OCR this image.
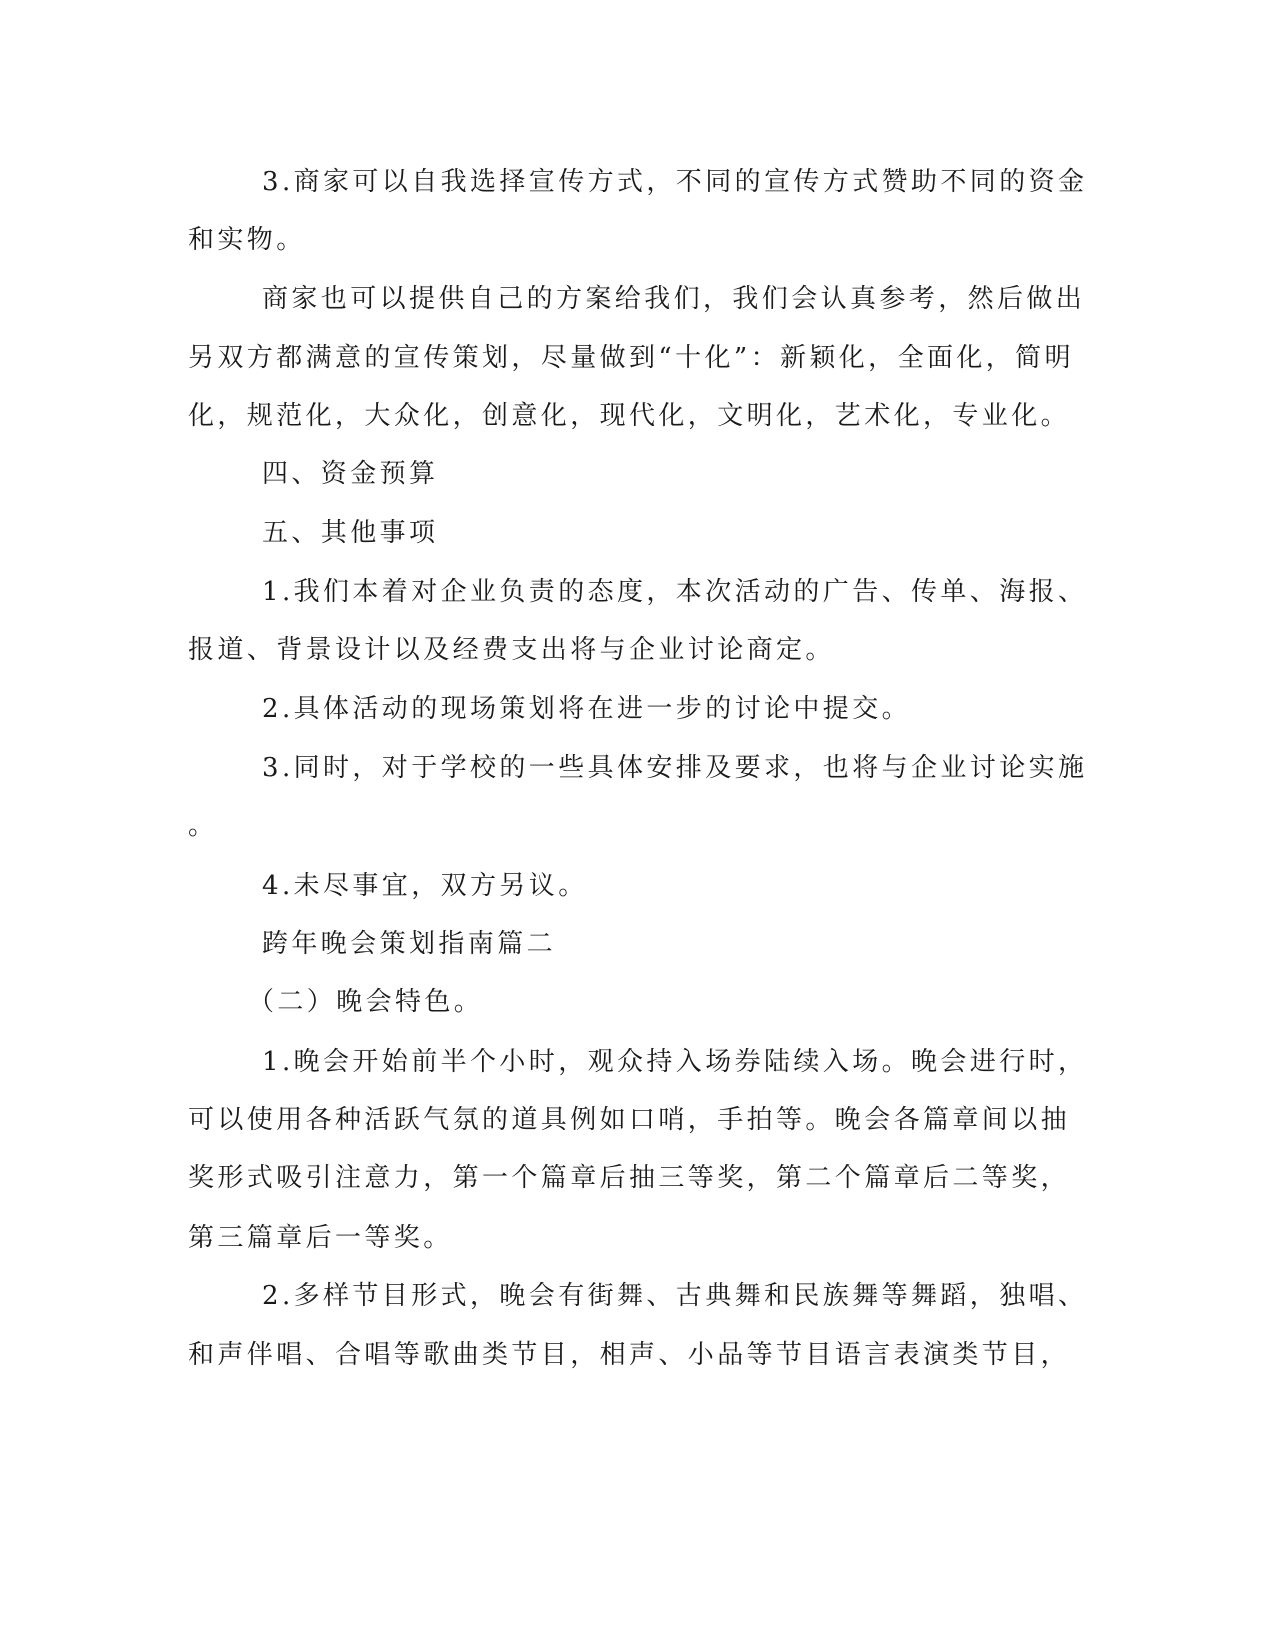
3.商家可以自我选择宣传方式，不同的宣传方式赞助不同的资金

和实物。

商家也可以提供自己的方案给我们，我们会认真参考，然后做出

另双方都满意的宣传策划，尽量做到“十化”：新颖化，全面化，简明

化，规范化，大众化，创意化，现代化，文明化，艺术化，专业化。

四、资金预算

五、其他事项

1.我们本着对企业负责的态度，本次活动的广告、传单、海报、

报道、背景设计以及经费支出将与企业讨论商定。

2.具体活动的现场策划将在进一步的讨论中提交。

3.同时，对于学校的一些具体安排及要求，也将与企业讨论实施

。

4.未尽事宜，双方另议。

跨年晚会策划指南篇二

（二）晚会特色。

1.晚会开始前半个小时，观众持入场券陆续入场。晚会进行时，

可以使用各种活跃气氛的道具例如口哨，手拍等。晚会各篇章间以抽

奖形式吸引注意力，第一个篇章后抽三等奖，第二个篇章后二等奖，

第三篇章后一等奖。

2.多样节目形式，晚会有街舞、古典舞和民族舞等舞蹈，独唱、

和声伴唱、合唱等歌曲类节目，相声、小品等节目语言表演类节目，
